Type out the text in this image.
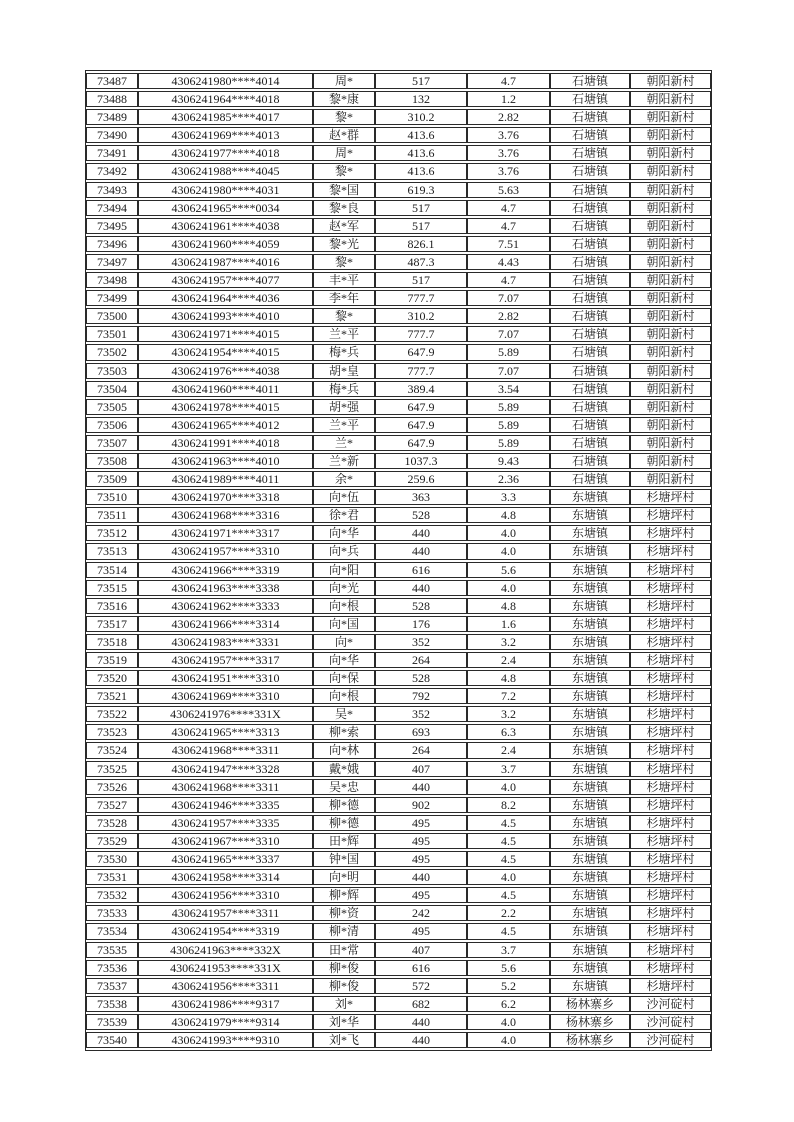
73487	4306241980****4014	周*	517	4.7	石塘镇	朝阳新村
73488	4306241964****4018	黎*康	132	1.2	石塘镇	朝阳新村
73489	4306241985****4017	黎*	310.2	2.82	石塘镇	朝阳新村
73490	4306241969****4013	赵*群	413.6	3.76	石塘镇	朝阳新村
73491	4306241977****4018	周*	413.6	3.76	石塘镇	朝阳新村
73492	4306241988****4045	黎*	413.6	3.76	石塘镇	朝阳新村
73493	4306241980****4031	黎*国	619.3	5.63	石塘镇	朝阳新村
73494	4306241965****0034	黎*良	517	4.7	石塘镇	朝阳新村
73495	4306241961****4038	赵*军	517	4.7	石塘镇	朝阳新村
73496	4306241960****4059	黎*光	826.1	7.51	石塘镇	朝阳新村
73497	4306241987****4016	黎*	487.3	4.43	石塘镇	朝阳新村
73498	4306241957****4077	丰*平	517	4.7	石塘镇	朝阳新村
73499	4306241964****4036	李*年	777.7	7.07	石塘镇	朝阳新村
73500	4306241993****4010	黎*	310.2	2.82	石塘镇	朝阳新村
73501	4306241971****4015	兰*平	777.7	7.07	石塘镇	朝阳新村
73502	4306241954****4015	梅*兵	647.9	5.89	石塘镇	朝阳新村
73503	4306241976****4038	胡*皇	777.7	7.07	石塘镇	朝阳新村
73504	4306241960****4011	梅*兵	389.4	3.54	石塘镇	朝阳新村
73505	4306241978****4015	胡*强	647.9	5.89	石塘镇	朝阳新村
73506	4306241965****4012	兰*平	647.9	5.89	石塘镇	朝阳新村
73507	4306241991****4018	兰*	647.9	5.89	石塘镇	朝阳新村
73508	4306241963****4010	兰*新	1037.3	9.43	石塘镇	朝阳新村
73509	4306241989****4011	余*	259.6	2.36	石塘镇	朝阳新村
73510	4306241970****3318	向*伍	363	3.3	东塘镇	杉塘坪村
73511	4306241968****3316	徐*君	528	4.8	东塘镇	杉塘坪村
73512	4306241971****3317	向*华	440	4.0	东塘镇	杉塘坪村
73513	4306241957****3310	向*兵	440	4.0	东塘镇	杉塘坪村
73514	4306241966****3319	向*阳	616	5.6	东塘镇	杉塘坪村
73515	4306241963****3338	向*光	440	4.0	东塘镇	杉塘坪村
73516	4306241962****3333	向*根	528	4.8	东塘镇	杉塘坪村
73517	4306241966****3314	向*国	176	1.6	东塘镇	杉塘坪村
73518	4306241983****3331	向*	352	3.2	东塘镇	杉塘坪村
73519	4306241957****3317	向*华	264	2.4	东塘镇	杉塘坪村
73520	4306241951****3310	向*保	528	4.8	东塘镇	杉塘坪村
73521	4306241969****3310	向*根	792	7.2	东塘镇	杉塘坪村
73522	4306241976****331X	吴*	352	3.2	东塘镇	杉塘坪村
73523	4306241965****3313	柳*索	693	6.3	东塘镇	杉塘坪村
73524	4306241968****3311	向*林	264	2.4	东塘镇	杉塘坪村
73525	4306241947****3328	戴*娥	407	3.7	东塘镇	杉塘坪村
73526	4306241968****3311	吴*忠	440	4.0	东塘镇	杉塘坪村
73527	4306241946****3335	柳*德	902	8.2	东塘镇	杉塘坪村
73528	4306241957****3335	柳*德	495	4.5	东塘镇	杉塘坪村
73529	4306241967****3310	田*辉	495	4.5	东塘镇	杉塘坪村
73530	4306241965****3337	钟*国	495	4.5	东塘镇	杉塘坪村
73531	4306241958****3314	向*明	440	4.0	东塘镇	杉塘坪村
73532	4306241956****3310	柳*辉	495	4.5	东塘镇	杉塘坪村
73533	4306241957****3311	柳*资	242	2.2	东塘镇	杉塘坪村
73534	4306241954****3319	柳*清	495	4.5	东塘镇	杉塘坪村
73535	4306241963****332X	田*常	407	3.7	东塘镇	杉塘坪村
73536	4306241953****331X	柳*俊	616	5.6	东塘镇	杉塘坪村
73537	4306241956****3311	柳*俊	572	5.2	东塘镇	杉塘坪村
73538	4306241986****9317	刘*	682	6.2	杨林寨乡	沙河碇村
73539	4306241979****9314	刘*华	440	4.0	杨林寨乡	沙河碇村
73540	4306241993****9310	刘*飞	440	4.0	杨林寨乡	沙河碇村
